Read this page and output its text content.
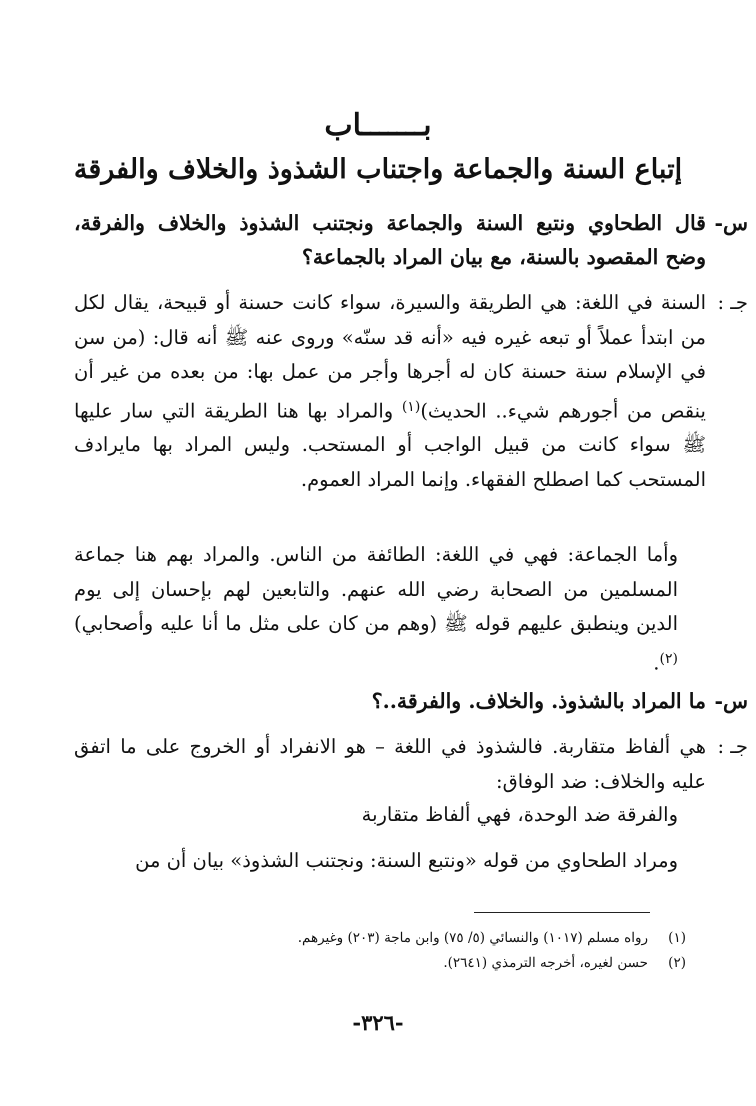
بـــــــاب
إتباع السنة والجماعة واجتناب الشذوذ والخلاف والفرقة
س-
قال الطحاوي ونتبع السنة والجماعة ونجتنب الشذوذ والخلاف والفرقة، وضح المقصود بالسنة، مع بيان المراد بالجماعة؟
جـ :
السنة في اللغة: هي الطريقة والسيرة، سواء كانت حسنة أو قبيحة، يقال لكل من ابتدأ عملاً أو تبعه غيره فيه «أنه قد سنّه» وروى عنه ﷺ أنه قال: (من سن في الإسلام سنة حسنة كان له أجرها وأجر من عمل بها: من بعده من غير أن ينقص من أجورهم شيء.. الحديث)$^{(١)}$ والمراد بها هنا الطريقة التي سار عليها ﷺ سواء كانت من قبيل الواجب أو المستحب. وليس المراد بها مايرادف المستحب كما اصطلح الفقهاء. وإنما المراد العموم.
وأما الجماعة: فهي في اللغة: الطائفة من الناس. والمراد بهم هنا جماعة المسلمين من الصحابة رضي الله عنهم. والتابعين لهم بإحسان إلى يوم الدين وينطبق عليهم قوله ﷺ (وهم من كان على مثل ما أنا عليه وأصحابي)$^{(٢)}$.
س-
ما المراد بالشذوذ. والخلاف. والفرقة..؟
جـ :
هي ألفاظ متقاربة. فالشذوذ في اللغة – هو الانفراد أو الخروج على ما اتفق عليه والخلاف: ضد الوفاق:
والفرقة ضد الوحدة، فهي ألفاظ متقاربة
ومراد الطحاوي من قوله «ونتبع السنة: ونجتنب الشذوذ» بيان أن من
(١)
رواه مسلم (١٠١٧) والنسائي (٥/ ٧٥) وابن ماجة (٢٠٣) وغيرهم.
(٢)
حسن لغيره، أخرجه الترمذي (٢٦٤١).
-٣٢٦-
